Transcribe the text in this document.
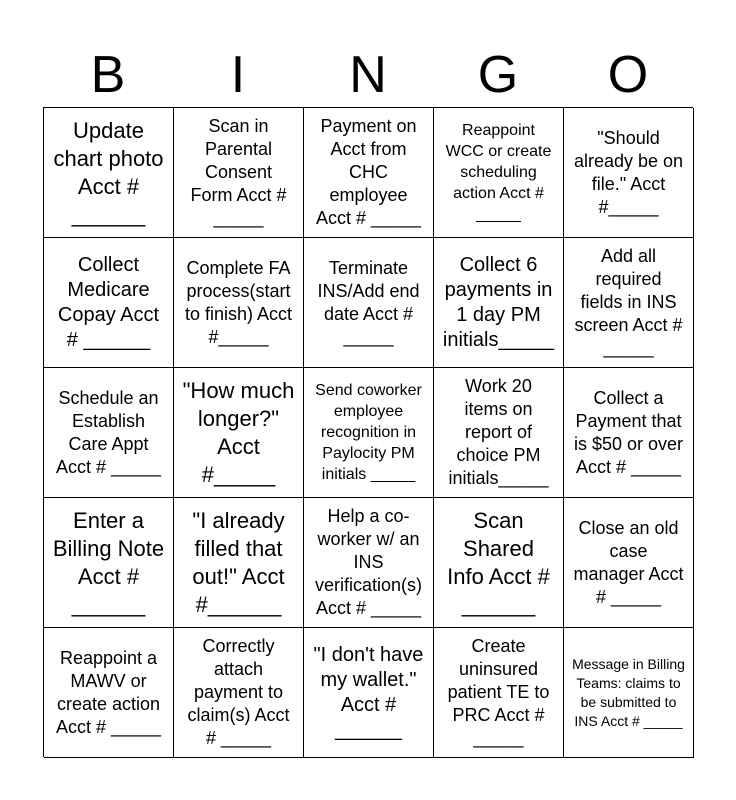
B	I	N	G	O
Update chart photo Acct # ______
Scan in Parental Consent Form Acct # _____
Payment on Acct from CHC employee Acct # _____
Reappoint WCC or create scheduling action Acct # _____
"Should already be on file." Acct #_____
Collect Medicare Copay Acct # ______
Complete FA process(start to finish) Acct #_____
Terminate INS/Add end date Acct # _____
Collect 6 payments in 1 day PM initials_____
Add all required fields in INS screen Acct # _____
Schedule an Establish Care Appt Acct # _____
"How much longer?" Acct #_____
Send coworker employee recognition in Paylocity PM initials _____
Work 20 items on report of choice PM initials_____
Collect a Payment that is $50 or over Acct # _____
Enter a Billing Note Acct # ______
"I already filled that out!" Acct #______
Help a co-worker w/ an INS verification(s) Acct # _____
Scan Shared Info Acct # ______
Close an old case manager Acct # _____
Reappoint a MAWV or create action Acct # _____
Correctly attach payment to claim(s) Acct # _____
"I don't have my wallet." Acct # ______
Create uninsured patient TE to PRC Acct # _____
Message in Billing Teams: claims to be submitted to INS Acct # _____
